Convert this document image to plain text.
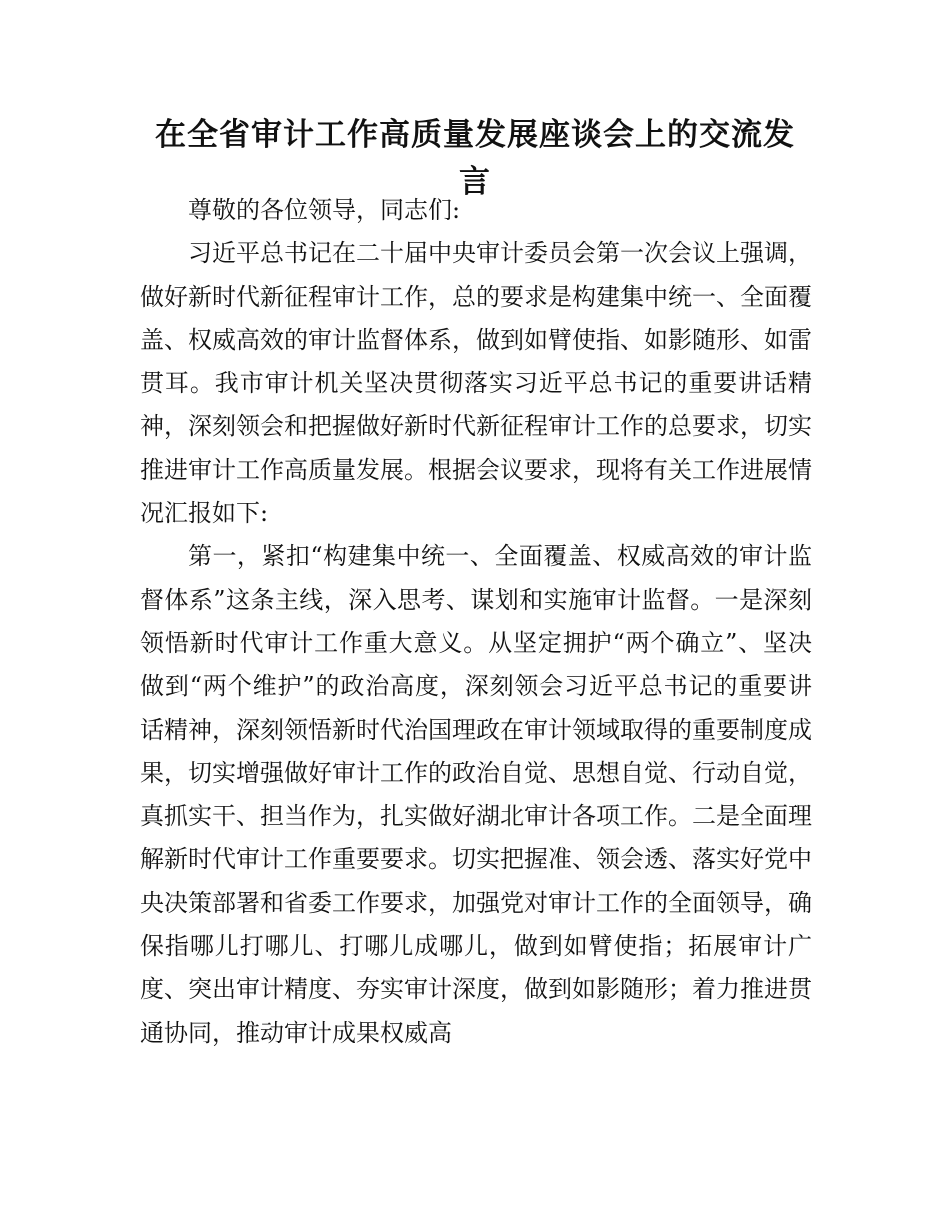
在全省审计工作高质量发展座谈会上的交流发言

尊敬的各位领导，同志们:

习近平总书记在二十届中央审计委员会第一次会议上强调，做好新时代新征程审计工作，总的要求是构建集中统一、全面覆盖、权威高效的审计监督体系，做到如臂使指、如影随形、如雷贯耳。我市审计机关坚决贯彻落实习近平总书记的重要讲话精神，深刻领会和把握做好新时代新征程审计工作的总要求，切实推进审计工作高质量发展。根据会议要求，现将有关工作进展情况汇报如下:

第一，紧扣“构建集中统一、全面覆盖、权威高效的审计监督体系”这条主线，深入思考、谋划和实施审计监督。一是深刻领悟新时代审计工作重大意义。从坚定拥护“两个确立”、坚决做到“两个维护”的政治高度，深刻领会习近平总书记的重要讲话精神，深刻领悟新时代治国理政在审计领域取得的重要制度成果，切实增强做好审计工作的政治自觉、思想自觉、行动自觉，真抓实干、担当作为，扎实做好湖北审计各项工作。二是全面理解新时代审计工作重要要求。切实把握准、领会透、落实好党中央决策部署和省委工作要求，加强党对审计工作的全面领导，确保指哪儿打哪儿、打哪儿成哪儿，做到如臂使指；拓展审计广度、突出审计精度、夯实审计深度，做到如影随形；着力推进贯通协同，推动审计成果权威高
